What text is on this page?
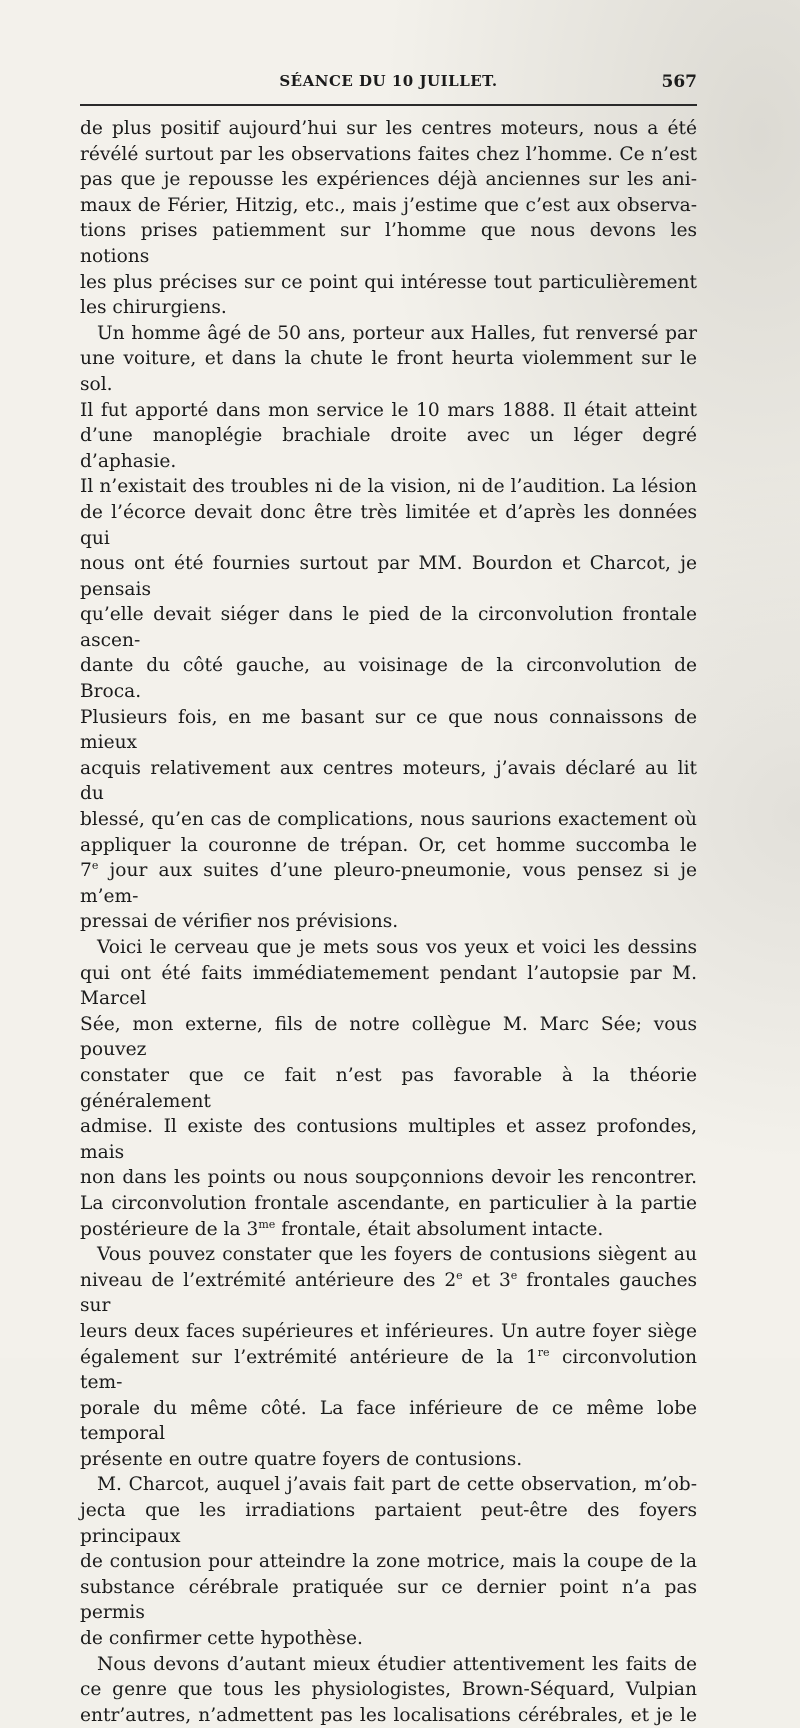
SÉANCE DU 10 JUILLET.	567

de plus positif aujourd’hui sur les centres moteurs, nous a été

révélé surtout par les observations faites chez l’homme. Ce n’est

pas que je repousse les expériences déjà anciennes sur les ani-

maux de Férier, Hitzig, etc., mais j’estime que c’est aux observa-

tions prises patiemment sur l’homme que nous devons les notions

les plus précises sur ce point qui intéresse tout particulièrement

les chirurgiens.

Un homme âgé de 50 ans, porteur aux Halles, fut renversé par

une voiture, et dans la chute le front heurta violemment sur le sol.

Il fut apporté dans mon service le 10 mars 1888. Il était atteint

d’une manoplégie brachiale droite avec un léger degré d’aphasie.

Il n’existait des troubles ni de la vision, ni de l’audition. La lésion

de l’écorce devait donc être très limitée et d’après les données qui

nous ont été fournies surtout par MM. Bourdon et Charcot, je pensais

qu’elle devait siéger dans le pied de la circonvolution frontale ascen-

dante du côté gauche, au voisinage de la circonvolution de Broca.

Plusieurs fois, en me basant sur ce que nous connaissons de mieux

acquis relativement aux centres moteurs, j’avais déclaré au lit du

blessé, qu’en cas de complications, nous saurions exactement où

appliquer la couronne de trépan. Or, cet homme succomba le

7e jour aux suites d’une pleuro-pneumonie, vous pensez si je m’em-

pressai de vérifier nos prévisions.

Voici le cerveau que je mets sous vos yeux et voici les dessins

qui ont été faits immédiatemement pendant l’autopsie par M. Marcel

Sée, mon externe, fils de notre collègue M. Marc Sée; vous pouvez

constater que ce fait n’est pas favorable à la théorie généralement

admise. Il existe des contusions multiples et assez profondes, mais

non dans les points ou nous soupçonnions devoir les rencontrer.

La circonvolution frontale ascendante, en particulier à la partie

postérieure de la $3^{me}$ frontale, était absolument intacte.

Vous pouvez constater que les foyers de contusions siègent au

niveau de l’extrémité antérieure des 2e et 3e frontales gauches sur

leurs deux faces supérieures et inférieures. Un autre foyer siège

également sur l’extrémité antérieure de la 1re circonvolution tem-

porale du même côté. La face inférieure de ce même lobe temporal

présente en outre quatre foyers de contusions.

M. Charcot, auquel j’avais fait part de cette observation, m’ob-

jecta que les irradiations partaient peut-être des foyers principaux

de contusion pour atteindre la zone motrice, mais la coupe de la

substance cérébrale pratiquée sur ce dernier point n’a pas permis

de confirmer cette hypothèse.

Nous devons d’autant mieux étudier attentivement les faits de

ce genre que tous les physiologistes, Brown-Séquard, Vulpian

entr’autres, n’admettent pas les localisations cérébrales, et je le
